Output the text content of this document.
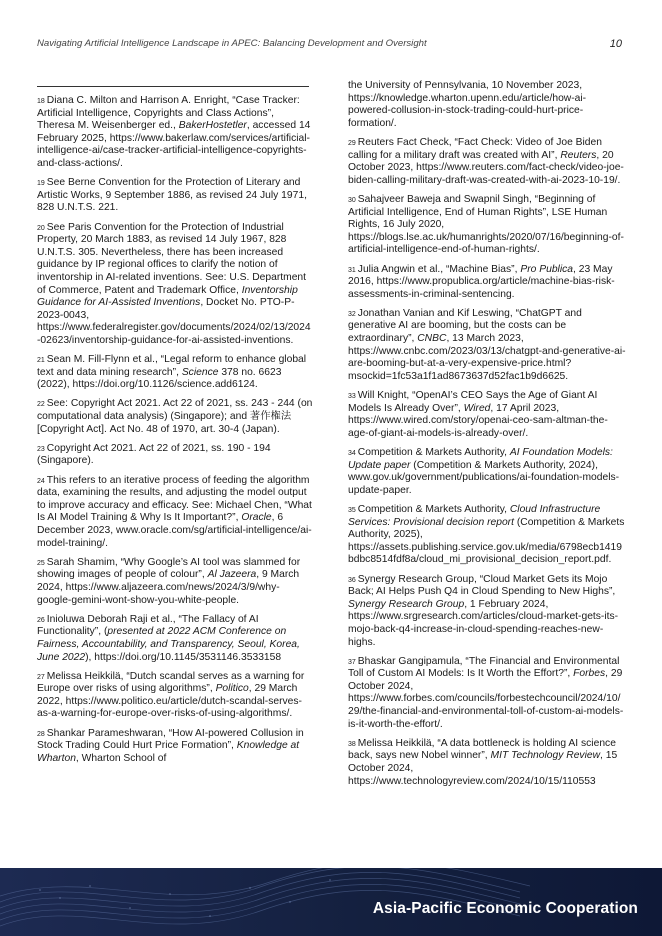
Navigating Artificial Intelligence Landscape in APEC: Balancing Development and Oversight	10

$^{18}$ Diana C. Milton and Harrison A. Enright, “Case Tracker: Artificial Intelligence, Copyrights and Class Actions”, Theresa M. Weisenberger ed., BakerHostetler, accessed 14 February 2025, https://www.bakerlaw.com/services/artificial-intelligence-ai/case-tracker-artificial-intelligence-copyrights-and-class-actions/.

$^{19}$ See Berne Convention for the Protection of Literary and Artistic Works, 9 September 1886, as revised 24 July 1971, 828 U.N.T.S. 221.

$^{20}$ See Paris Convention for the Protection of Industrial Property, 20 March 1883, as revised 14 July 1967, 828 U.N.T.S. 305. Nevertheless, there has been increased guidance by IP regional offices to clarify the notion of inventorship in AI-related inventions. See: U.S. Department of Commerce, Patent and Trademark Office, Inventorship Guidance for AI-Assisted Inventions, Docket No. PTO-P-2023-0043, https://www.federalregister.gov/documents/2024/02/13/2024-02623/inventorship-guidance-for-ai-assisted-inventions.

$^{21}$ Sean M. Fill-Flynn et al., “Legal reform to enhance global text and data mining research”, Science 378 no. 6623 (2022), https://doi.org/10.1126/science.add6124.

$^{22}$ See: Copyright Act 2021. Act 22 of 2021, ss. 243 - 244 (on computational data analysis) (Singapore); and 著作権法 [Copyright Act]. Act No. 48 of 1970, art. 30-4 (Japan).

$^{23}$ Copyright Act 2021. Act 22 of 2021, ss. 190 - 194 (Singapore).

$^{24}$ This refers to an iterative process of feeding the algorithm data, examining the results, and adjusting the model output to improve accuracy and efficacy. See: Michael Chen, “What Is AI Model Training & Why Is It Important?”, Oracle, 6 December 2023, www.oracle.com/sg/artificial-intelligence/ai-model-training/.

$^{25}$ Sarah Shamim, “Why Google’s AI tool was slammed for showing images of people of colour”, Al Jazeera, 9 March 2024, https://www.aljazeera.com/news/2024/3/9/why-google-gemini-wont-show-you-white-people.

$^{26}$ Inioluwa Deborah Raji et al., “The Fallacy of AI Functionality”, (presented at 2022 ACM Conference on Fairness, Accountability, and Transparency, Seoul, Korea, June 2022), https://doi.org/10.1145/3531146.3533158

$^{27}$ Melissa Heikkilä, “Dutch scandal serves as a warning for Europe over risks of using algorithms”, Politico, 29 March 2022, https://www.politico.eu/article/dutch-scandal-serves-as-a-warning-for-europe-over-risks-of-using-algorithms/.

$^{28}$ Shankar Parameshwaran, “How AI-powered Collusion in Stock Trading Could Hurt Price Formation”, Knowledge at Wharton, Wharton School of

the University of Pennsylvania, 10 November 2023, https://knowledge.wharton.upenn.edu/article/how-ai-powered-collusion-in-stock-trading-could-hurt-price-formation/.

$^{29}$ Reuters Fact Check, “Fact Check: Video of Joe Biden calling for a military draft was created with AI”, Reuters, 20 October 2023, https://www.reuters.com/fact-check/video-joe-biden-calling-military-draft-was-created-with-ai-2023-10-19/.

$^{30}$ Sahajveer Baweja and Swapnil Singh, “Beginning of Artificial Intelligence, End of Human Rights”, LSE Human Rights, 16 July 2020, https://blogs.lse.ac.uk/humanrights/2020/07/16/beginning-of-artificial-intelligence-end-of-human-rights/.

$^{31}$ Julia Angwin et al., “Machine Bias”, Pro Publica, 23 May 2016, https://www.propublica.org/article/machine-bias-risk-assessments-in-criminal-sentencing.

$^{32}$ Jonathan Vanian and Kif Leswing, “ChatGPT and generative AI are booming, but the costs can be extraordinary”, CNBC, 13 March 2023, https://www.cnbc.com/2023/03/13/chatgpt-and-generative-ai-are-booming-but-at-a-very-expensive-price.html?msockid=1fc53a1f1ad8673637d52fac1b9d6625.

$^{33}$ Will Knight, “OpenAI’s CEO Says the Age of Giant AI Models Is Already Over”, Wired, 17 April 2023, https://www.wired.com/story/openai-ceo-sam-altman-the-age-of-giant-ai-models-is-already-over/.

$^{34}$ Competition & Markets Authority, AI Foundation Models: Update paper (Competition & Markets Authority, 2024), www.gov.uk/government/publications/ai-foundation-models-update-paper.

$^{35}$ Competition & Markets Authority, Cloud Infrastructure Services: Provisional decision report (Competition & Markets Authority, 2025), https://assets.publishing.service.gov.uk/media/6798ecb1419bdbc8514fdf8a/cloud_mi_provisional_decision_report.pdf.

$^{36}$ Synergy Research Group, “Cloud Market Gets its Mojo Back; AI Helps Push Q4 in Cloud Spending to New Highs”, Synergy Research Group, 1 February 2024, https://www.srgresearch.com/articles/cloud-market-gets-its-mojo-back-q4-increase-in-cloud-spending-reaches-new-highs.

$^{37}$ Bhaskar Gangipamula, “The Financial and Environmental Toll of Custom AI Models: Is It Worth the Effort?”, Forbes, 29 October 2024, https://www.forbes.com/councils/forbestechcouncil/2024/10/29/the-financial-and-environmental-toll-of-custom-ai-models-is-it-worth-the-effort/.

$^{38}$ Melissa Heikkilä, “A data bottleneck is holding AI science back, says new Nobel winner”, MIT Technology Review, 15 October 2024, https://www.technologyreview.com/2024/10/15/110553

Asia-Pacific Economic Cooperation
